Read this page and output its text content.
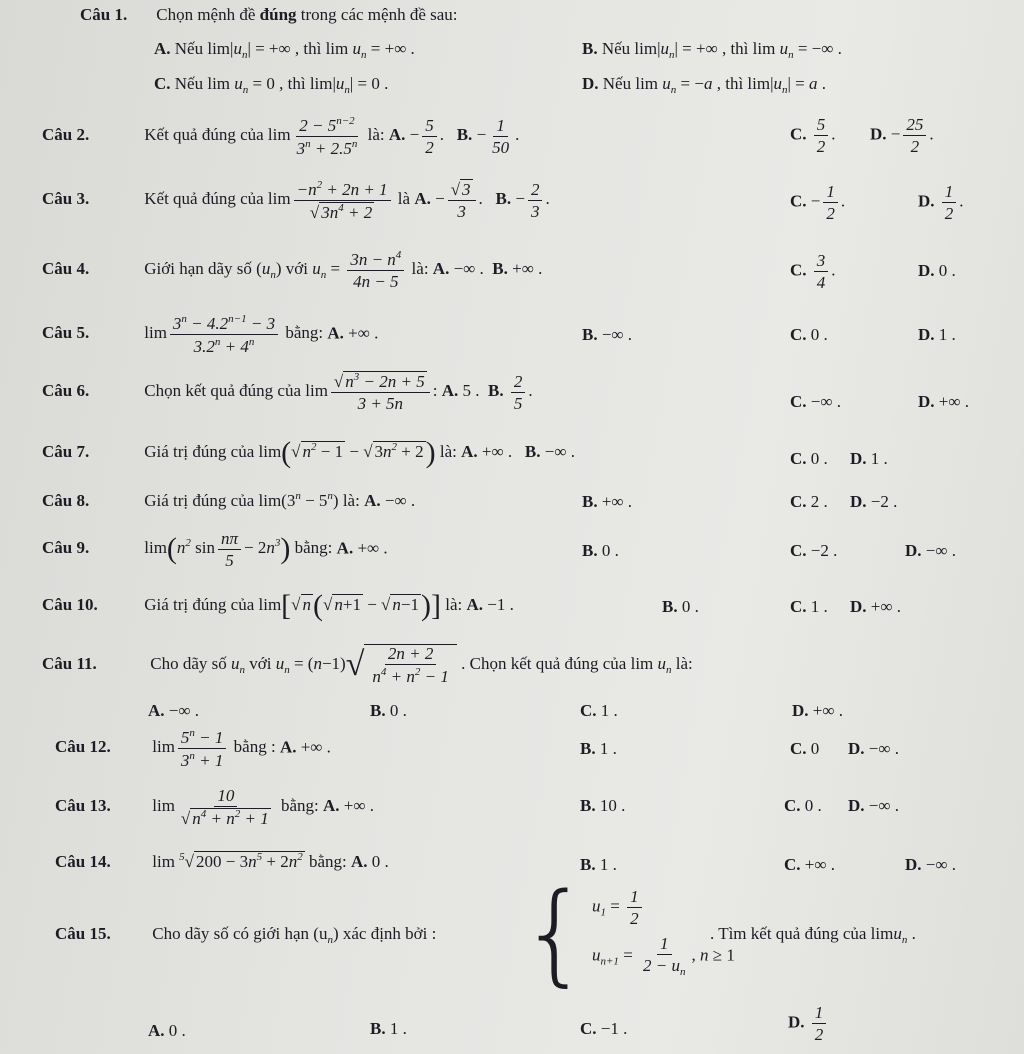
Câu 1. Chọn mệnh đề đúng trong các mệnh đề sau:
A. Nếu $\lim|u_n|$ = +∞ , thì $\lim u_n$ = +∞ .	B. Nếu $\lim|u_n|$ = +∞ , thì $\lim u_n$ = −∞ .
C. Nếu $\lim u_n = 0$ , thì $\lim|u_n| = 0$ .	D. Nếu $\lim u_n = -a$ , thì $\lim|u_n| = a$ .
Câu 2.	Kết quả đúng của $\lim \frac{2 - 5^{n-2}}{3^n + 2.5^n}$ là: A. − $\frac{5}{2}$ . B. − $\frac{1}{50}$ .	C. $\frac{5}{2}$ . D. − $\frac{25}{2}$ .
Câu 3.	Kết quả đúng của $\lim \frac{-n^2 + 2n + 1}{√ 3n^4 + 2}$ là A. − $\frac{√ 3}{3}$ . B. − $\frac{2}{3}$ .	C. − $\frac{1}{2}$ .	D. $\frac{1}{2}$ .
Câu 4.	Giới hạn dãy số $(u_n)$ với $u_n = \frac{3n - n^4}{4n - 5}$ là: A. −∞ . B. +∞ .	C. $\frac{3}{4}$ .	D. 0 .
Câu 5.	$\lim \frac{3^n - 4.2^{n-1} - 3}{3.2^n + 4^n}$ bằng: A. +∞ .	B. −∞ .	C. 0 .	D. 1 .
Câu 6.	Chọn kết quả đúng của $\lim \frac{√ n^3 - 2n + 5}{3 + 5n}$ : A. 5 . B. $\frac{2}{5}$ .
C. −∞ .	D. +∞ .
Câu 7.	Giá trị đúng của lim(√ $n^2 - 1$ − √ $3n^2 + 2$) là: A. +∞ . B. −∞ .	C. 0 . D. 1 .
Câu 8.	Giá trị đúng của $\lim(3^n - 5^n)$ là: A. −∞ .	B. +∞ .	C. 2 . D. −2 .
Câu 9.	$\lim(n^2$ $\sin \frac{n\pi}{5} - 2n^3$) bằng: A. +∞ .	B. 0 .	C. −2 .	D. −∞ .
Câu 10.	Giá trị đúng của lim[√ n(√ n+1 − √ n−1)] là: A. −1 .	B. 0 .	C. 1 . D. +∞ .
Câu 11.	Cho dãy số $u_n$ với $u_n = (n-1)√ \frac{2n + 2}{n^4 + n^2 - 1}$ . Chọn kết quả đúng của $\lim u_n$ là:
A. −∞ .	B. 0 .	C. 1 .	D. +∞ .
Câu 12. $\lim \frac{5^n - 1}{3^n + 1}$ bằng : A. +∞ .	B. 1 .	C. 0 D. −∞ .
Câu 13. $\lim \frac{10}{√ n^4 + n^2 + 1}$ bằng: A. +∞ .	B. 10 .	C. 0 . D. −∞ .
Câu 14. lim $^5$√ $200 - 3n^5 + 2n^2$ bằng: A. 0 .	B. 1 .	C. +∞ .	D. −∞ .
Câu 15. Cho dãy số có giới hạn $(u_n)$ xác định bởi : { $u_1 = \frac{1}{2}$
$u_{n+1} = \frac{1}{2 - u_n}$ , n ≥ 1
. Tìm kết quả đúng của limu$_n$ .
A. 0 .	B. 1 .	C. −1 .	D. $\frac{1}{2}$
